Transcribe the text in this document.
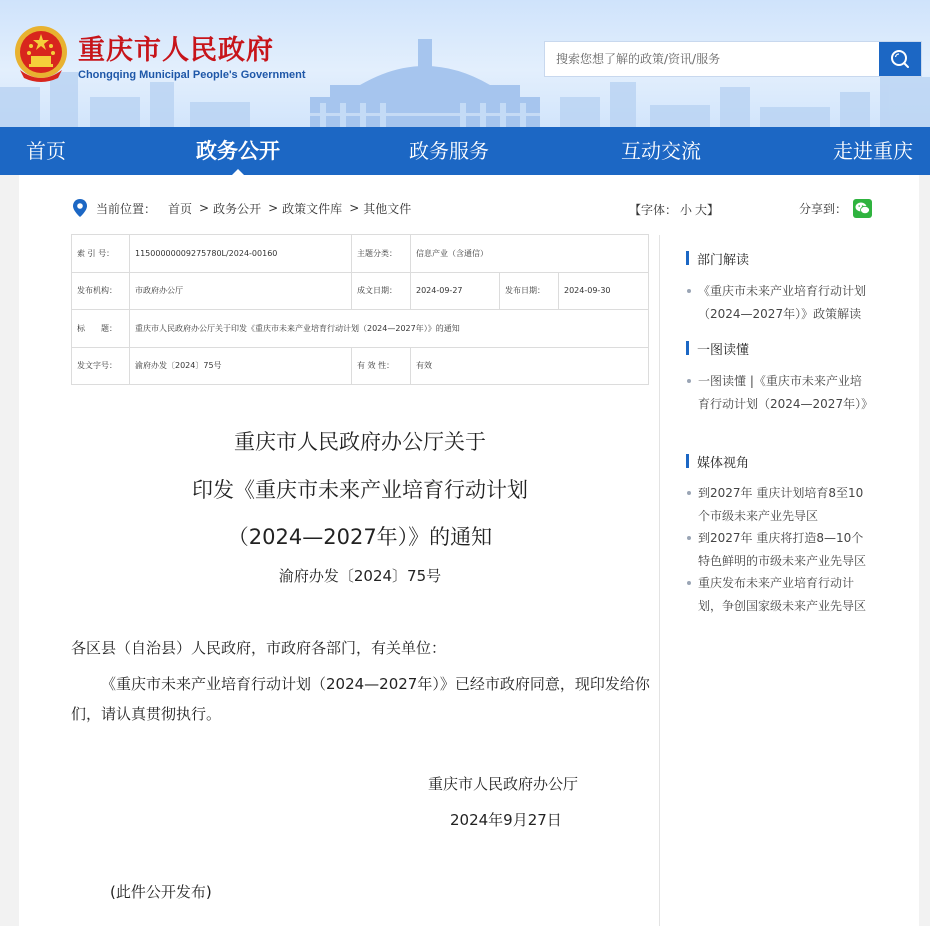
重庆市人民政府
Chongqing Municipal People's Government
搜索您想了解的政策/资讯/服务
首页	政务公开	政务服务	互动交流	走进重庆
当前位置： 首页 > 政务公开 > 政策文件库 > 其他文件	【字体： 小 大】	分享到：
索 引 号：	11500000009275780L/2024-00160	主题分类：	信息产业（含通信）		
发布机构：	市政府办公厅	成文日期：	2024-09-27	发布日期：	2024-09-30
标　　题：	重庆市人民政府办公厅关于印发《重庆市未来产业培育行动计划（2024—2027年）》的通知				
发文字号：	渝府办发〔2024〕75号	有 效 性：	有效		
重庆市人民政府办公厅关于
印发《重庆市未来产业培育行动计划
（2024—2027年）》的通知
渝府办发〔2024〕75号
各区县（自治县）人民政府，市政府各部门，有关单位：
《重庆市未来产业培育行动计划（2024—2027年）》已经市政府同意，现印发给你们，请认真贯彻执行。
重庆市人民政府办公厅
2024年9月27日
(此件公开发布)
部门解读
《重庆市未来产业培育行动计划（2024—2027年）》政策解读
一图读懂
一图读懂 |《重庆市未来产业培育行动计划（2024—2027年）》
媒体视角
到2027年 重庆计划培育8至10个市级未来产业先导区
到2027年 重庆将打造8—10个特色鲜明的市级未来产业先导区
重庆发布未来产业培育行动计划，争创国家级未来产业先导区
